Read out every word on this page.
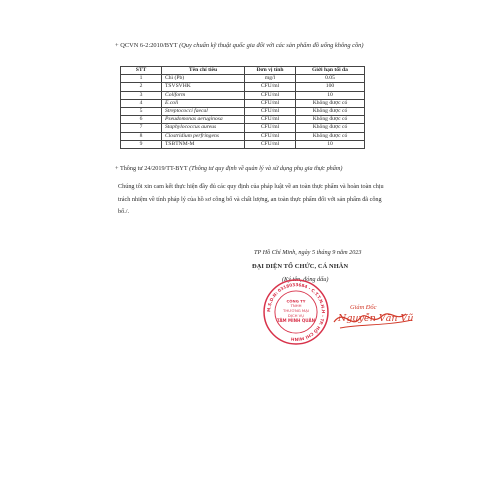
+ QCVN 6-2:2010/BYT (Quy chuẩn kỹ thuật quốc gia đối với các sản phẩm đồ uống không cồn)
STT	Tên chỉ tiêu	Đơn vị tính	Giới hạn tối đa
1	Chì (Pb)	mg/l	0.05
2	TSVSVHK	CFU/ml	100
3	Coliform	CFU/ml	10
4	E.coli	CFU/ml	Không được có
5	Streptococci faecal	CFU/ml	Không được có
6	Pseudomonas aeruginosa	CFU/ml	Không được có
7	Staphylococcus aureus	CFU/ml	Không được có
8	Clostridium perfringens	CFU/ml	Không được có
9	TSBTNM-M	CFU/ml	10
+ Thông tư 24/2019/TT-BYT (Thông tư quy định về quản lý và sử dụng phụ gia thực phẩm)
Chúng tôi xin cam kết thực hiện đầy đủ các quy định của pháp luật về an toàn thực phẩm và hoàn toàn chịu trách nhiệm về tính pháp lý của hồ sơ công bố và chất lượng, an toàn thực phẩm đối với sản phẩm đã công bố./.
TP Hồ Chí Minh, ngày 5 tháng 9 năm 2023
ĐẠI DIỆN TỔ CHỨC, CÁ NHÂN
(Ký tên, đóng dấu)
M.S.D.N: 0318033684 - C.T.T.N.H.H - TP. HỒ CHÍ MINH
CÔNG TY
TNHH
THƯƠNG MẠI
DỊCH VỤ
TÂM MINH QUÂN
Giám Đốc
Nguyễn Văn Vũ
